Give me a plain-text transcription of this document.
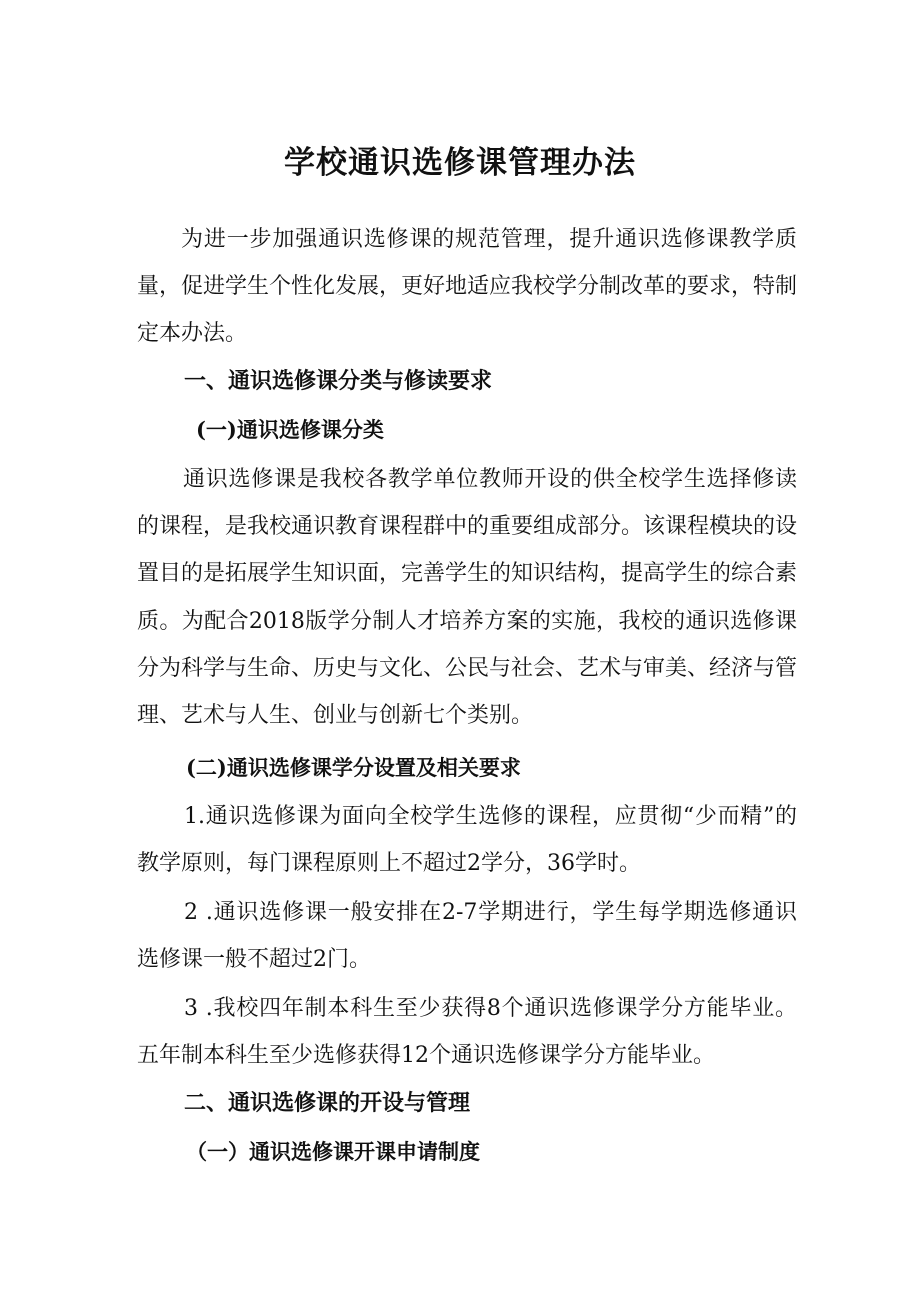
学校通识选修课管理办法

为进一步加强通识选修课的规范管理，提升通识选修课教学质量，促进学生个性化发展，更好地适应我校学分制改革的要求，特制定本办法。

一、通识选修课分类与修读要求
(一)通识选修课分类

通识选修课是我校各教学单位教师开设的供全校学生选择修读的课程，是我校通识教育课程群中的重要组成部分。该课程模块的设置目的是拓展学生知识面，完善学生的知识结构，提高学生的综合素质。为配合2018版学分制人才培养方案的实施，我校的通识选修课分为科学与生命、历史与文化、公民与社会、艺术与审美、经济与管理、艺术与人生、创业与创新七个类别。

(二)通识选修课学分设置及相关要求

1.通识选修课为面向全校学生选修的课程，应贯彻“少而精”的教学原则，每门课程原则上不超过2学分，36学时。

2 .通识选修课一般安排在2-7学期进行，学生每学期选修通识选修课一般不超过2门。

3 .我校四年制本科生至少获得8个通识选修课学分方能毕业。五年制本科生至少选修获得12个通识选修课学分方能毕业。

二、通识选修课的开设与管理
（一）通识选修课开课申请制度
